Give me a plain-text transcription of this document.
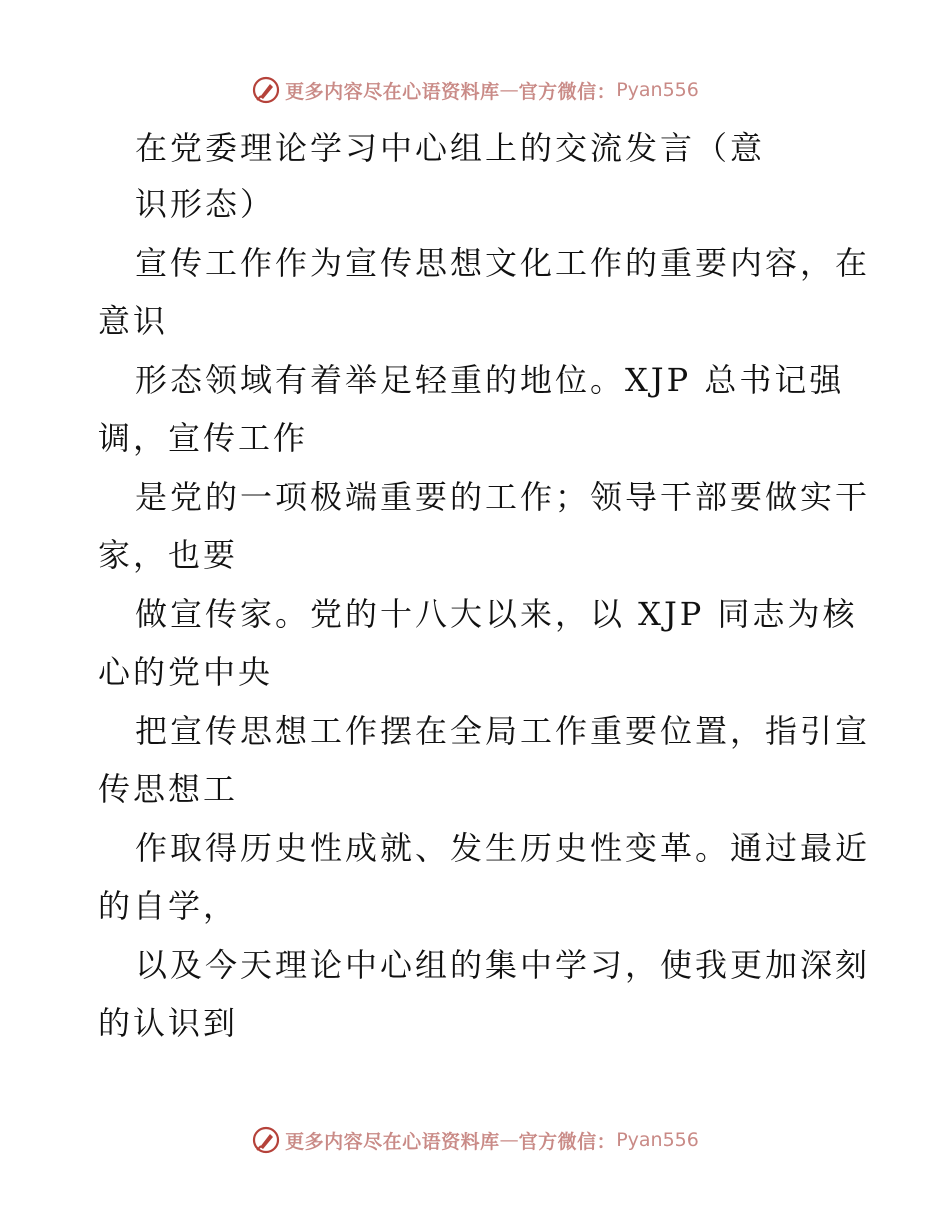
更多内容尽在心语资料库 — 官方微信： Pyan556
在党委理论学习中心组上的交流发言（意
识形态）
宣传工作作为宣传思想文化工作的重要内容，在
意识
形态领域有着举足轻重的地位。XJP 总书记强
调，宣传工作
是党的一项极端重要的工作；领导干部要做实干
家，也要
做宣传家。党的十八大以来，以 XJP 同志为核
心的党中央
把宣传思想工作摆在全局工作重要位置，指引宣
传思想工
作取得历史性成就、发生历史性变革。通过最近
的自学，
以及今天理论中心组的集中学习，使我更加深刻
的认识到
更多内容尽在心语资料库 — 官方微信： Pyan556
